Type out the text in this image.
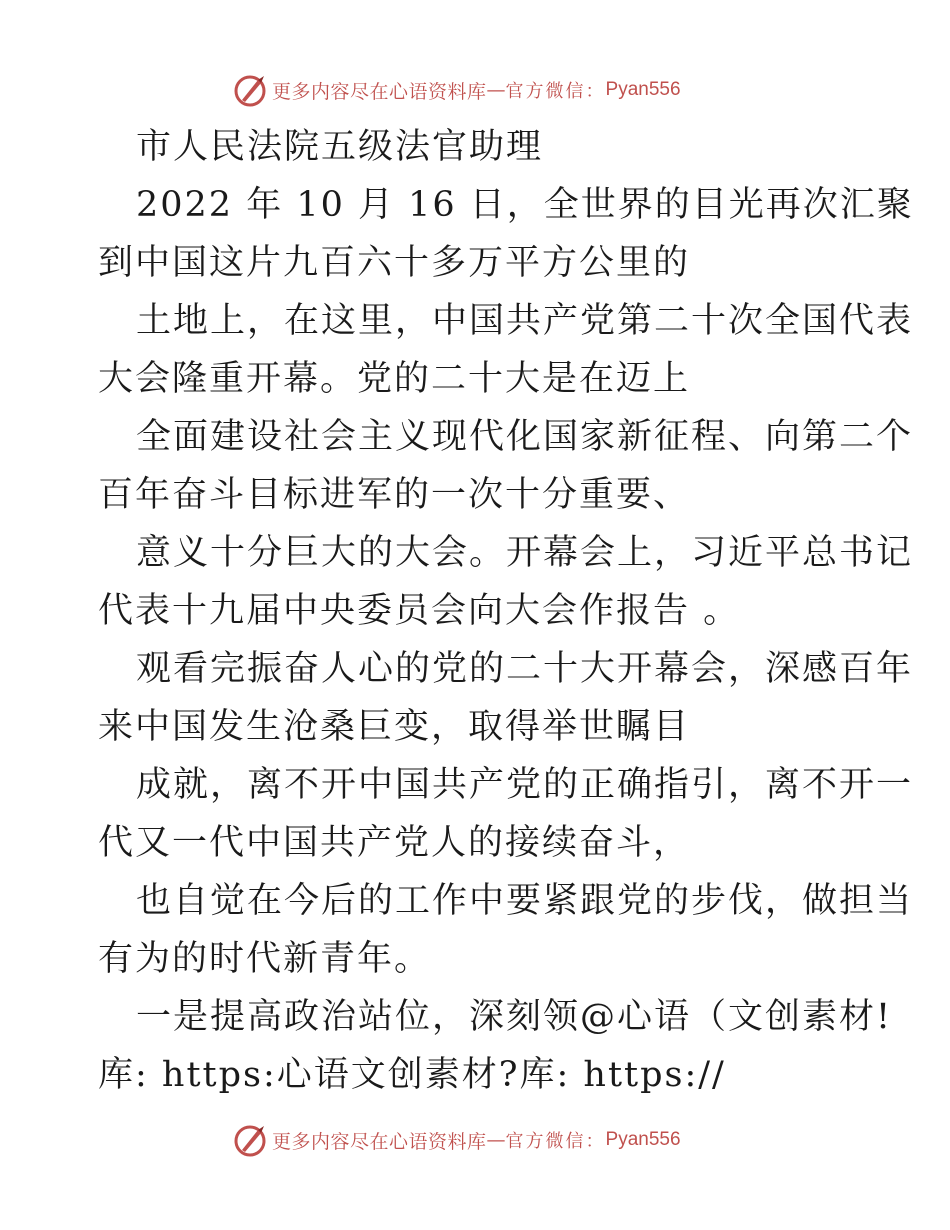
更多内容尽在心语资料库 — 官方微信： Pyan556
市人民法院五级法官助理
2022 年 10 月 16 日，全世界的目光再次汇聚
到中国这片九百六十多万平方公里的
土地上，在这里，中国共产党第二十次全国代表
大会隆重开幕。党的二十大是在迈上
全面建设社会主义现代化国家新征程、向第二个
百年奋斗目标进军的一次十分重要、
意义十分巨大的大会。开幕会上，习近平总书记
代表十九届中央委员会向大会作报告 。
观看完振奋人心的党的二十大开幕会，深感百年
来中国发生沧桑巨变，取得举世瞩目
成就，离不开中国共产党的正确指引，离不开一
代又一代中国共产党人的接续奋斗，
也自觉在今后的工作中要紧跟党的步伐，做担当
有为的时代新青年。
一是提高政治站位，深刻领@心语（文创素材!
库: https:心语文创素材?库: https://
更多内容尽在心语资料库 — 官方微信： Pyan556
